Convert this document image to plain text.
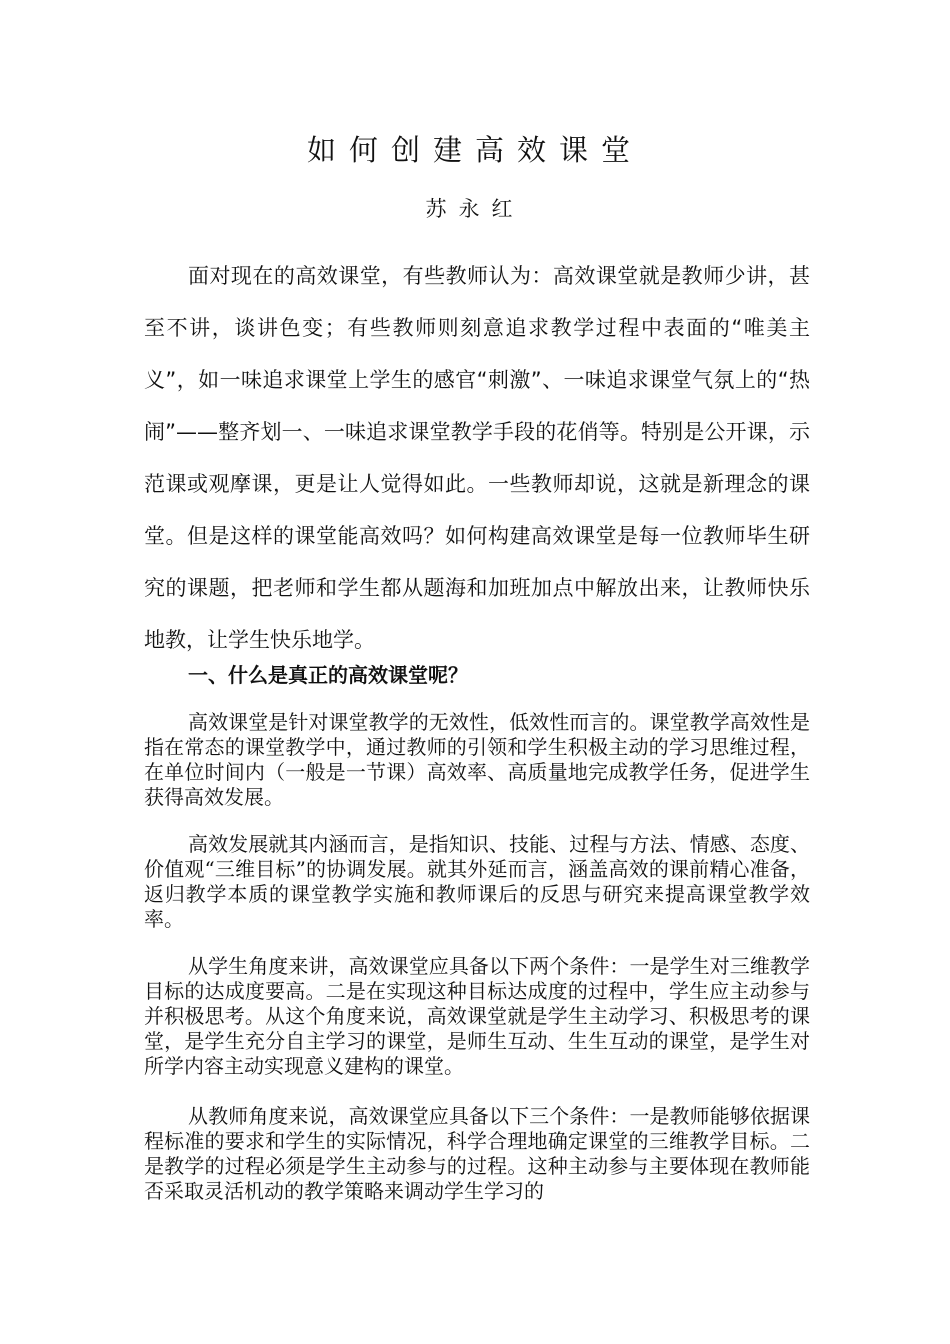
如何创建高效课堂
苏永红

面对现在的高效课堂，有些教师认为：高效课堂就是教师少讲，甚至不讲，谈讲色变；有些教师则刻意追求教学过程中表面的“唯美主义”，如一味追求课堂上学生的感官“刺激”、一味追求课堂气氛上的“热闹”——整齐划一、一味追求课堂教学手段的花俏等。特别是公开课，示范课或观摩课，更是让人觉得如此。一些教师却说，这就是新理念的课堂。但是这样的课堂能高效吗？如何构建高效课堂是每一位教师毕生研究的课题，把老师和学生都从题海和加班加点中解放出来，让教师快乐地教，让学生快乐地学。

一、什么是真正的高效课堂呢？

高效课堂是针对课堂教学的无效性，低效性而言的。课堂教学高效性是指在常态的课堂教学中，通过教师的引领和学生积极主动的学习思维过程，在单位时间内（一般是一节课）高效率、高质量地完成教学任务，促进学生获得高效发展。

高效发展就其内涵而言，是指知识、技能、过程与方法、情感、态度、价值观“三维目标”的协调发展。就其外延而言，涵盖高效的课前精心准备，返归教学本质的课堂教学实施和教师课后的反思与研究来提高课堂教学效率。

从学生角度来讲，高效课堂应具备以下两个条件：一是学生对三维教学目标的达成度要高。二是在实现这种目标达成度的过程中，学生应主动参与并积极思考。从这个角度来说，高效课堂就是学生主动学习、积极思考的课堂，是学生充分自主学习的课堂，是师生互动、生生互动的课堂，是学生对所学内容主动实现意义建构的课堂。

从教师角度来说，高效课堂应具备以下三个条件：一是教师能够依据课程标准的要求和学生的实际情况，科学合理地确定课堂的三维教学目标。二是教学的过程必须是学生主动参与的过程。这种主动参与主要体现在教师能否采取灵活机动的教学策略来调动学生学习的
